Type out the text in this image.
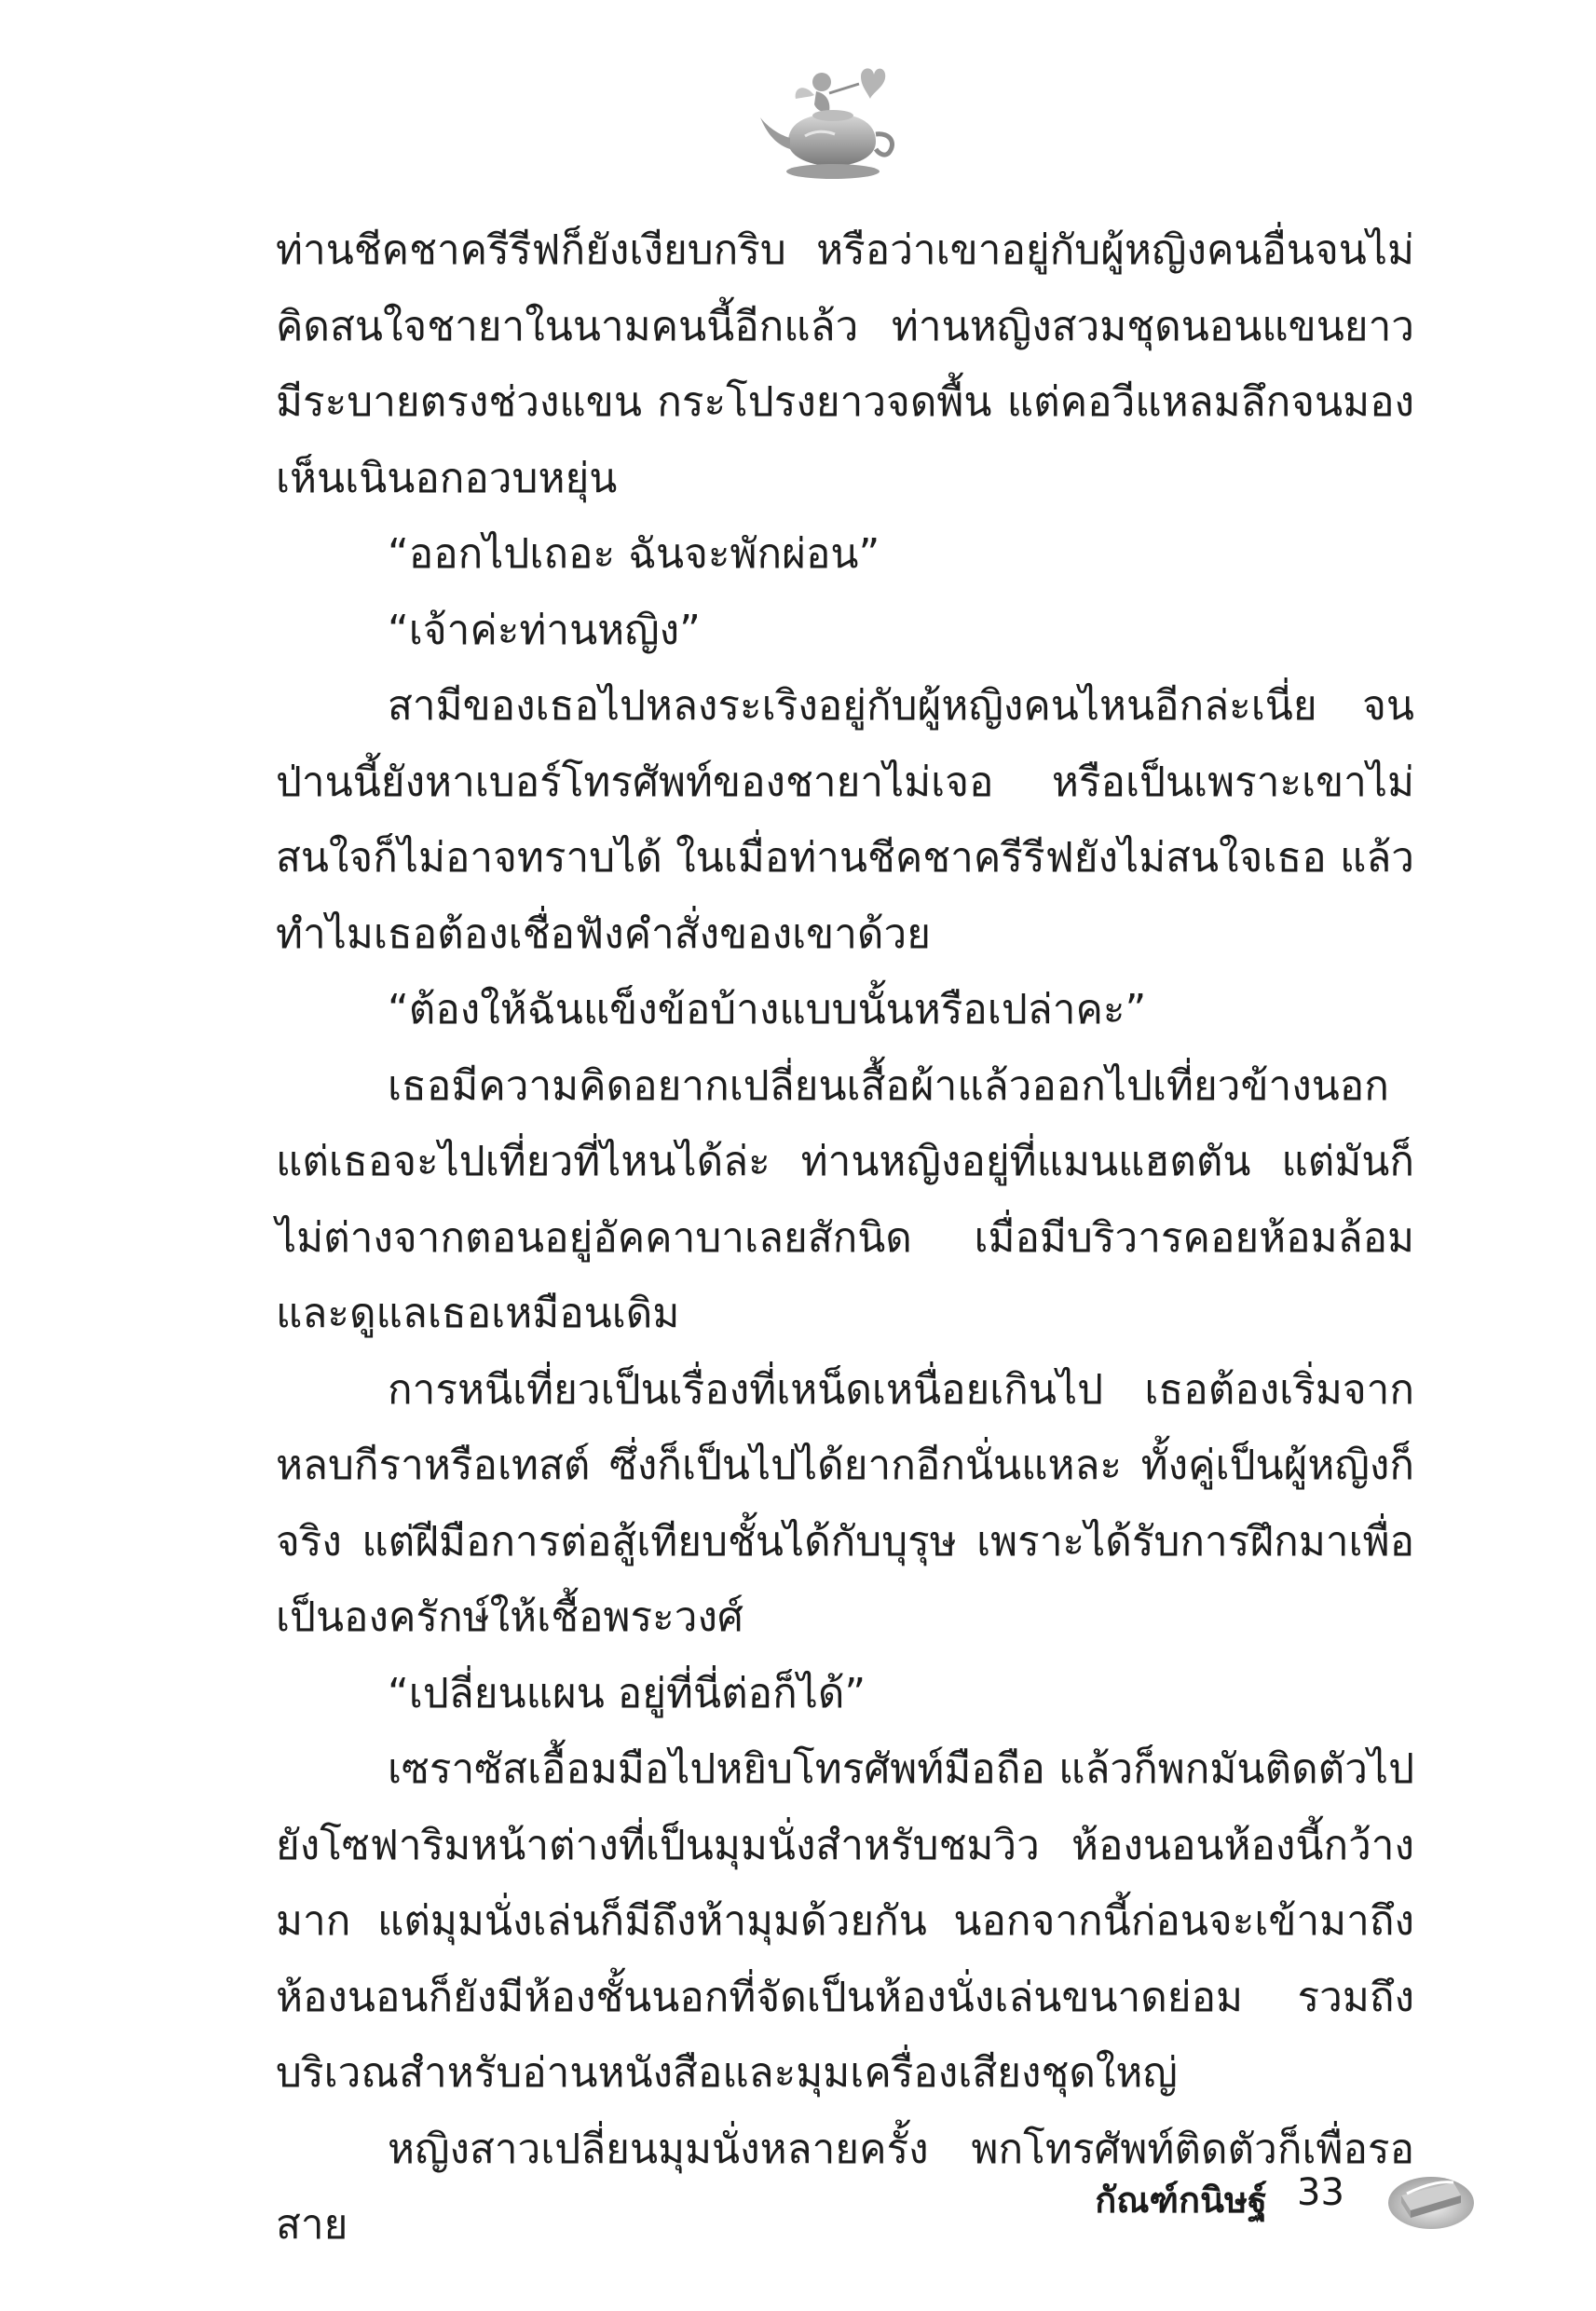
ท่านชีคชาครีรีฟก็ยังเงียบกริบ หรือว่าเขาอยู่กับผู้หญิงคนอื่นจนไม่คิดสนใจชายาในนามคนนี้อีกแล้ว ท่านหญิงสวมชุดนอนแขนยาวมีระบายตรงช่วงแขน กระโปรงยาวจดพื้น แต่คอวีแหลมลึกจนมองเห็นเนินอกอวบหยุ่น

“ออกไปเถอะ ฉันจะพักผ่อน”

“เจ้าค่ะท่านหญิง”

สามีของเธอไปหลงระเริงอยู่กับผู้หญิงคนไหนอีกล่ะเนี่ย จนป่านนี้ยังหาเบอร์โทรศัพท์ของชายาไม่เจอ หรือเป็นเพราะเขาไม่สนใจก็ไม่อาจทราบได้ ในเมื่อท่านชีคชาครีรีฟยังไม่สนใจเธอ แล้วทำไมเธอต้องเชื่อฟังคำสั่งของเขาด้วย

“ต้องให้ฉันแข็งข้อบ้างแบบนั้นหรือเปล่าคะ”

เธอมีความคิดอยากเปลี่ยนเสื้อผ้าแล้วออกไปเที่ยวข้างนอก แต่เธอจะไปเที่ยวที่ไหนได้ล่ะ ท่านหญิงอยู่ที่แมนแฮตตัน แต่มันก็ไม่ต่างจากตอนอยู่อัคคาบาเลยสักนิด เมื่อมีบริวารคอยห้อมล้อมและดูแลเธอเหมือนเดิม

การหนีเที่ยวเป็นเรื่องที่เหน็ดเหนื่อยเกินไป เธอต้องเริ่มจากหลบกีราหรือเทสต์ ซึ่งก็เป็นไปได้ยากอีกนั่นแหละ ทั้งคู่เป็นผู้หญิงก็จริง แต่ฝีมือการต่อสู้เทียบชั้นได้กับบุรุษ เพราะได้รับการฝึกมาเพื่อเป็นองครักษ์ให้เชื้อพระวงศ์

“เปลี่ยนแผน อยู่ที่นี่ต่อก็ได้”

เซราซัสเอื้อมมือไปหยิบโทรศัพท์มือถือ แล้วก็พกมันติดตัวไปยังโซฟาริมหน้าต่างที่เป็นมุมนั่งสำหรับชมวิว ห้องนอนห้องนี้กว้างมาก แต่มุมนั่งเล่นก็มีถึงห้ามุมด้วยกัน นอกจากนี้ก่อนจะเข้ามาถึงห้องนอนก็ยังมีห้องชั้นนอกที่จัดเป็นห้องนั่งเล่นขนาดย่อม รวมถึงบริเวณสำหรับอ่านหนังสือและมุมเครื่องเสียงชุดใหญ่

หญิงสาวเปลี่ยนมุมนั่งหลายครั้ง พกโทรศัพท์ติดตัวก็เพื่อรอสาย

กัณฑ์กนิษฐ์ 33
